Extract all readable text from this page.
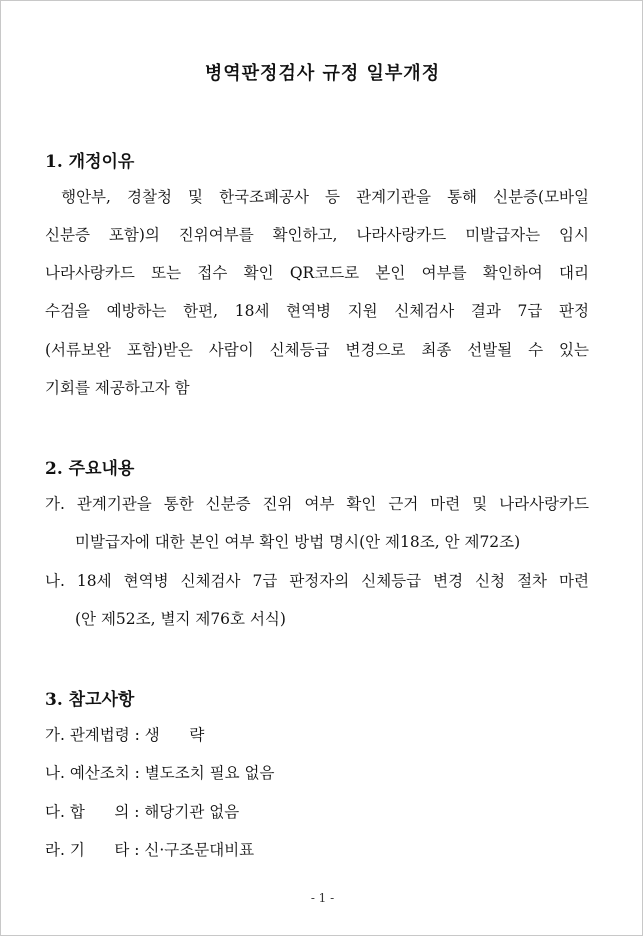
병역판정검사 규정 일부개정
1. 개정이유
행안부, 경찰청 및 한국조폐공사 등 관계기관을 통해 신분증(모바일
신분증 포함)의 진위여부를 확인하고, 나라사랑카드 미발급자는 임시
나라사랑카드 또는 접수 확인 QR코드로 본인 여부를 확인하여 대리
수검을 예방하는 한편, 18세 현역병 지원 신체검사 결과 7급 판정
(서류보완 포함)받은 사람이 신체등급 변경으로 최종 선발될 수 있는
기회를 제공하고자 함
2. 주요내용
가. 관계기관을 통한 신분증 진위 여부 확인 근거 마련 및 나라사랑카드
미발급자에 대한 본인 여부 확인 방법 명시(안 제18조, 안 제72조)
나. 18세 현역병 신체검사 7급 판정자의 신체등급 변경 신청 절차 마련
(안 제52조, 별지 제76호 서식)
3. 참고사항
가. 관계법령 : 생      략
나. 예산조치 : 별도조치 필요 없음
다. 합      의 : 해당기관 없음
라. 기      타 : 신·구조문대비표
- 1 -
